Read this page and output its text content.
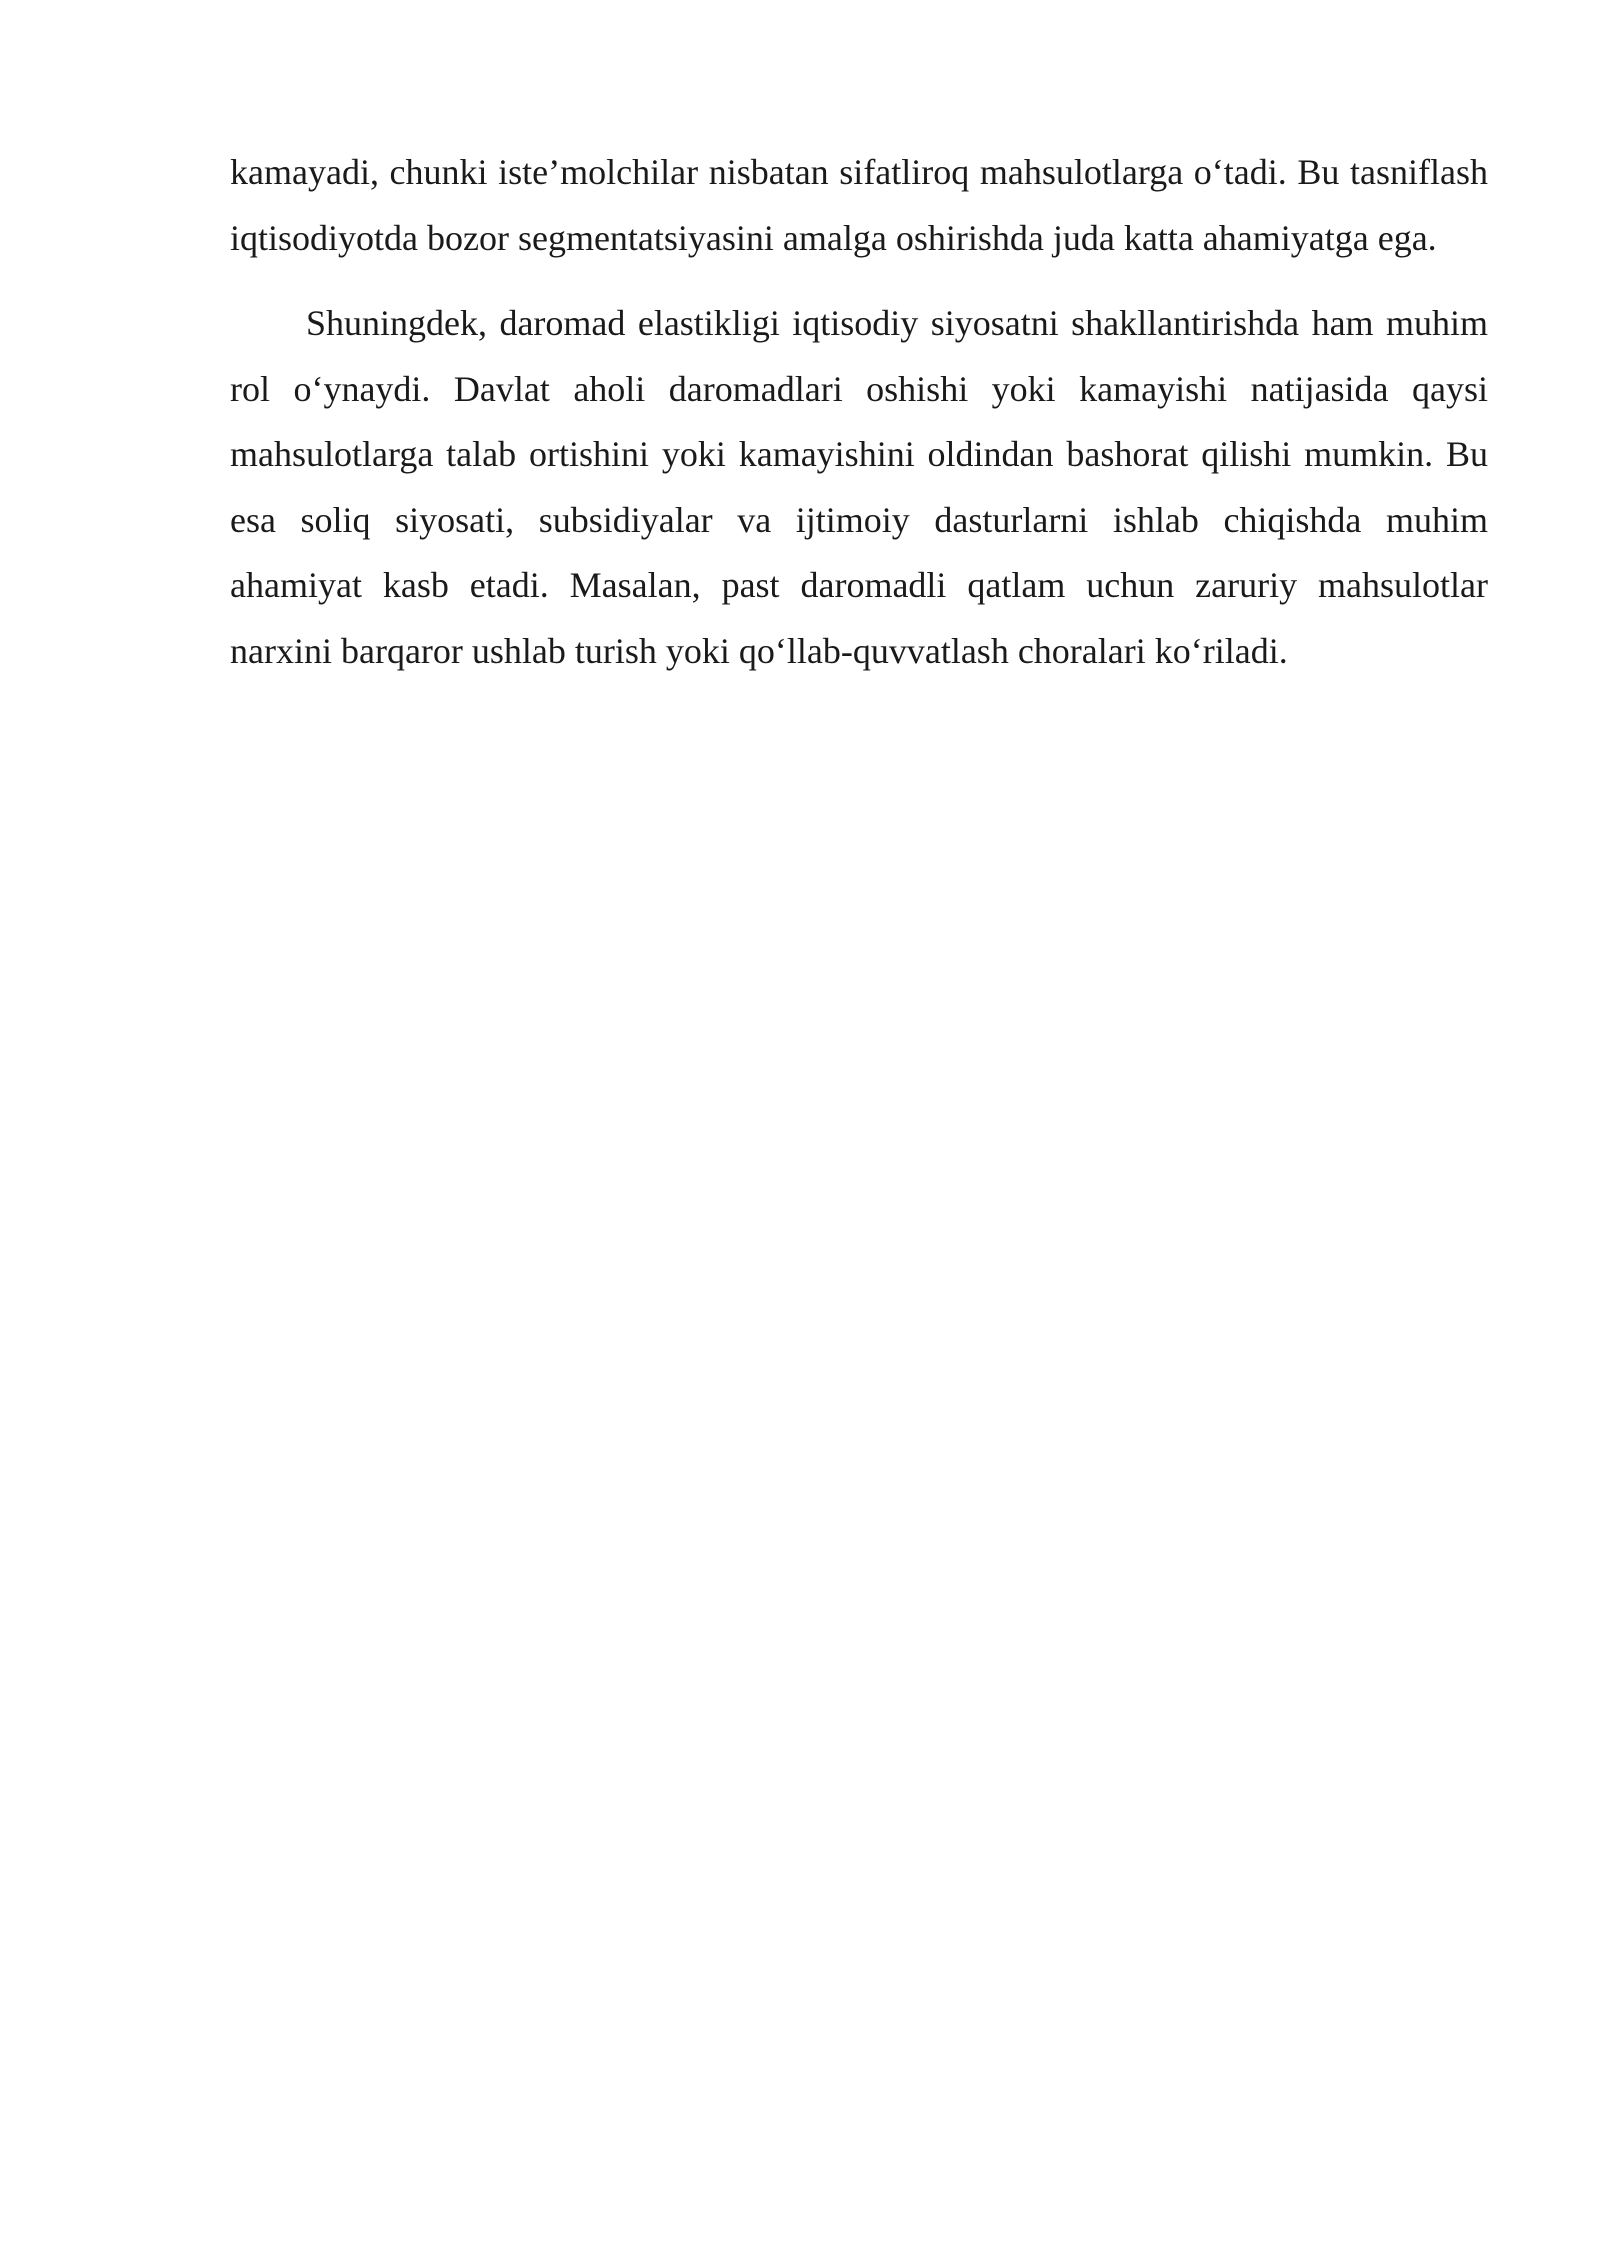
kamayadi, chunki iste’molchilar nisbatan sifatliroq mahsulotlarga o‘tadi. Bu tasniflash iqtisodiyotda bozor segmentatsiyasini amalga oshirishda juda katta ahamiyatga ega.

Shuningdek, daromad elastikligi iqtisodiy siyosatni shakllantirishda ham muhim rol o‘ynaydi. Davlat aholi daromadlari oshishi yoki kamayishi natijasida qaysi mahsulotlarga talab ortishini yoki kamayishini oldindan bashorat qilishi mumkin. Bu esa soliq siyosati, subsidiyalar va ijtimoiy dasturlarni ishlab chiqishda muhim ahamiyat kasb etadi. Masalan, past daromadli qatlam uchun zaruriy mahsulotlar narxini barqaror ushlab turish yoki qo‘llab-quvvatlash choralari ko‘riladi.
